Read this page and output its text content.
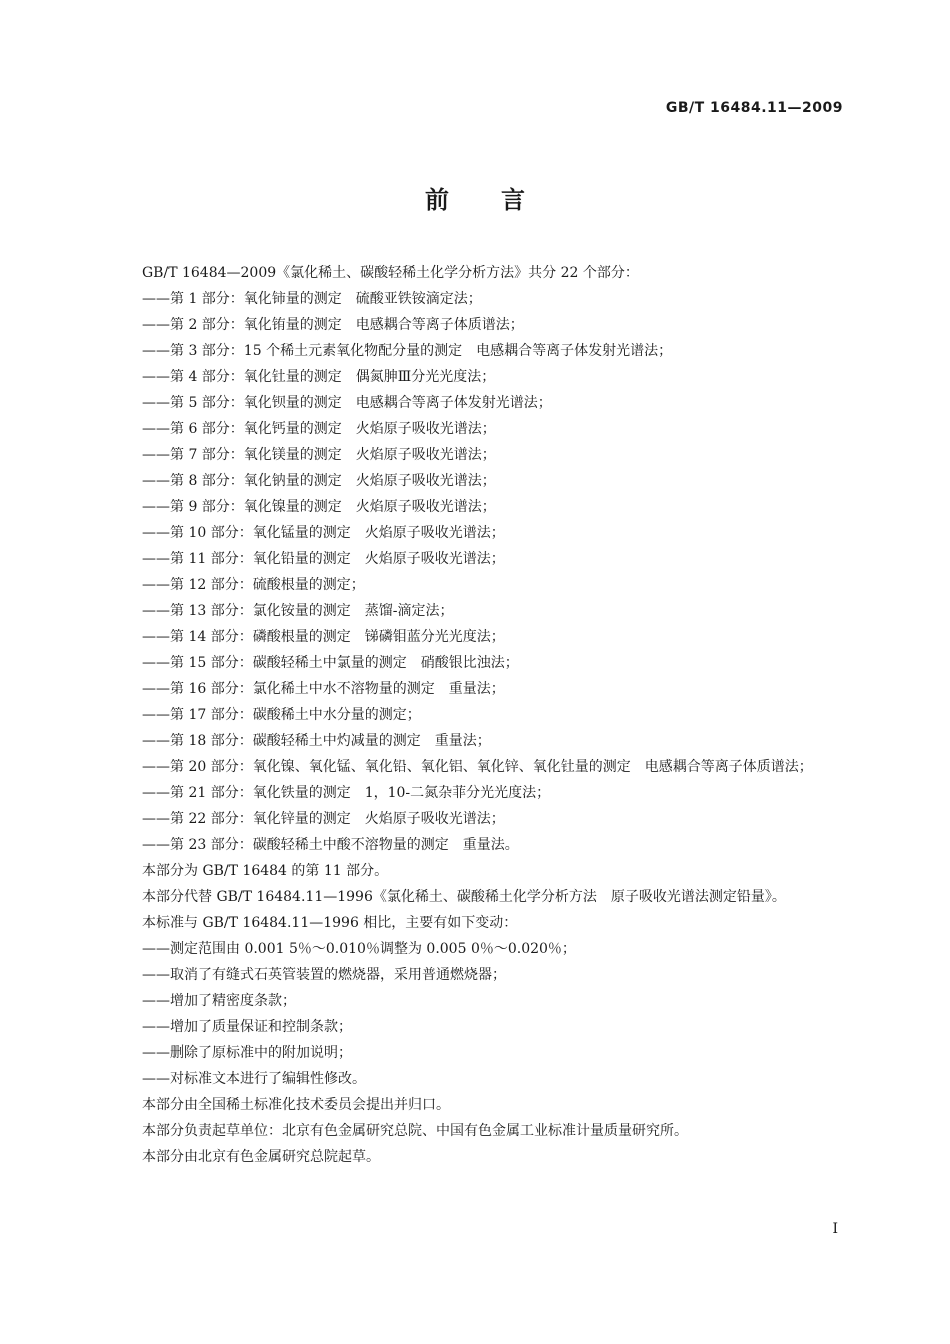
GB/T 16484.11—2009
前 言

GB/T 16484—2009《氯化稀土、碳酸轻稀土化学分析方法》共分 22 个部分：

——第 1 部分：氧化铈量的测定　硫酸亚铁铵滴定法；

——第 2 部分：氧化铕量的测定　电感耦合等离子体质谱法；

——第 3 部分：15 个稀土元素氧化物配分量的测定　电感耦合等离子体发射光谱法；

——第 4 部分：氧化钍量的测定　偶氮胂Ⅲ分光光度法；

——第 5 部分：氧化钡量的测定　电感耦合等离子体发射光谱法；

——第 6 部分：氧化钙量的测定　火焰原子吸收光谱法；

——第 7 部分：氧化镁量的测定　火焰原子吸收光谱法；

——第 8 部分：氧化钠量的测定　火焰原子吸收光谱法；

——第 9 部分：氧化镍量的测定　火焰原子吸收光谱法；

——第 10 部分：氧化锰量的测定　火焰原子吸收光谱法；

——第 11 部分：氧化铅量的测定　火焰原子吸收光谱法；

——第 12 部分：硫酸根量的测定；

——第 13 部分：氯化铵量的测定　蒸馏-滴定法；

——第 14 部分：磷酸根量的测定　锑磷钼蓝分光光度法；

——第 15 部分：碳酸轻稀土中氯量的测定　硝酸银比浊法；

——第 16 部分：氯化稀土中水不溶物量的测定　重量法；

——第 17 部分：碳酸稀土中水分量的测定；

——第 18 部分：碳酸轻稀土中灼减量的测定　重量法；

——第 20 部分：氧化镍、氧化锰、氧化铅、氧化铝、氧化锌、氧化钍量的测定　电感耦合等离子体质谱法；

——第 21 部分：氧化铁量的测定　1，10-二氮杂菲分光光度法；

——第 22 部分：氧化锌量的测定　火焰原子吸收光谱法；

——第 23 部分：碳酸轻稀土中酸不溶物量的测定　重量法。

本部分为 GB/T 16484 的第 11 部分。

本部分代替 GB/T 16484.11—1996《氯化稀土、碳酸稀土化学分析方法　原子吸收光谱法测定铅量》。

本标准与 GB/T 16484.11—1996 相比，主要有如下变动：

——测定范围由 0.001 5％～0.010％调整为 0.005 0％～0.020％；

——取消了有缝式石英管装置的燃烧器，采用普通燃烧器；

——增加了精密度条款；

——增加了质量保证和控制条款；

——删除了原标准中的附加说明；

——对标准文本进行了编辑性修改。

本部分由全国稀土标准化技术委员会提出并归口。

本部分负责起草单位：北京有色金属研究总院、中国有色金属工业标准计量质量研究所。

本部分由北京有色金属研究总院起草。

I
